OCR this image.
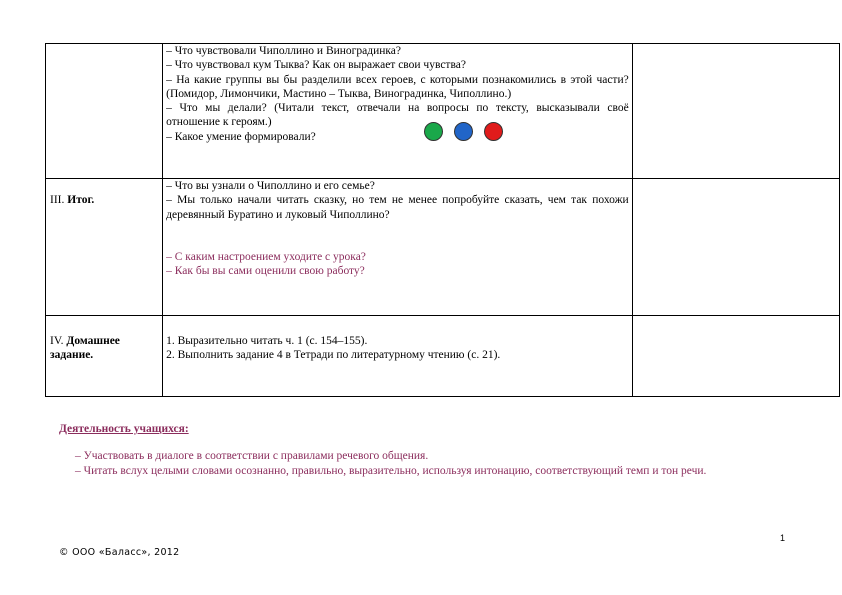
	– Что чувствовали Чиполлино и Виноградинка?
– Что чувствовал кум Тыква? Как он выражает свои чувства?
– На какие группы вы бы разделили всех героев, с которыми познакомились в этой части? (Помидор, Лимончики, Мастино – Тыква, Виноградинка, Чиполлино.)
– Что мы делали? (Читали текст, отвечали на вопросы по тексту, высказывали своё отношение к героям.)
– Какое умение формировали?	

III. Итог.	– Что вы узнали о Чиполлино и его семье?
– Мы только начали читать сказку, но тем не менее попробуйте сказать, чем так похожи деревянный Буратино и луковый Чиполлино?
– С каким настроением уходите с урока?
– Как бы вы сами оценили свою работу?	

IV. Домашнее задание.	1. Выразительно читать ч. 1 (с. 154–155).
2. Выполнить задание 4 в Тетради по литературному чтению (с. 21).	

Деятельность учащихся:
– Участвовать в диалоге в соответствии с правилами речевого общения.
– Читать вслух целыми словами осознанно, правильно, выразительно, используя интонацию, соответствующий темп и тон речи.
1
© ООО «Баласс», 2012
